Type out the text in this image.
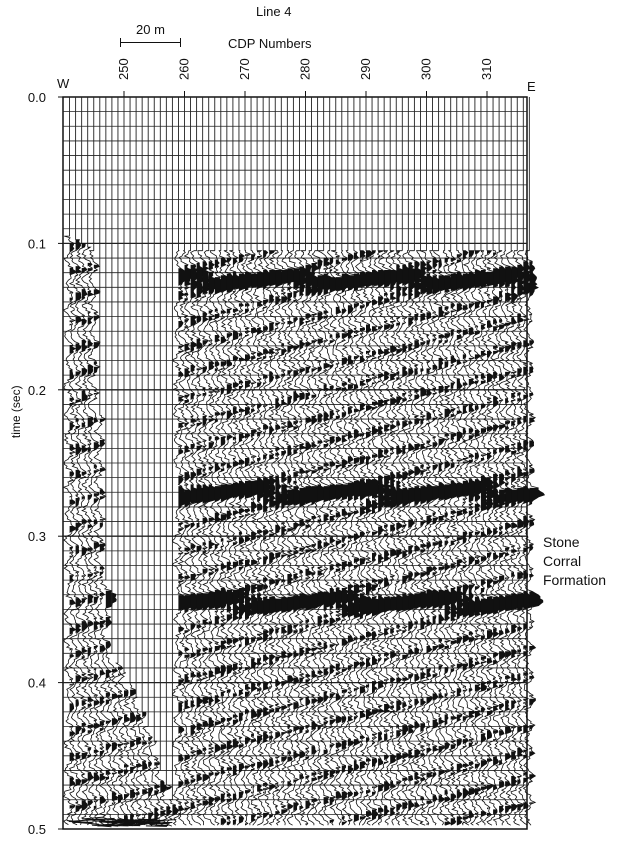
Line 4
20 m
CDP Numbers
W	E
Stone
Corral
Formation
250	260	270	280	290	300	310
0.0
0.1
0.2
0.3
0.4
0.5
time (sec)
